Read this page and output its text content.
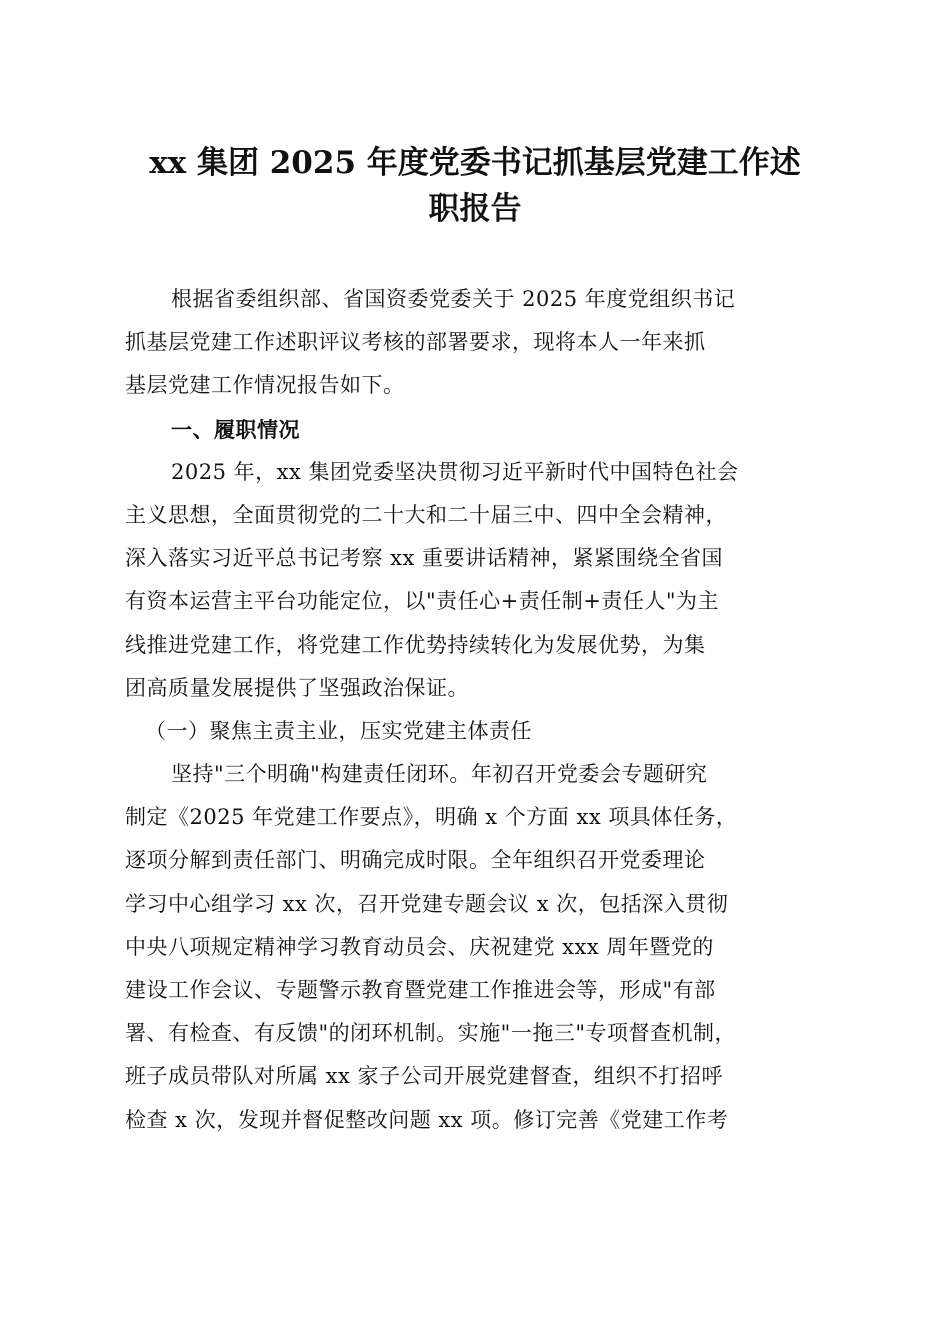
xx 集团 2025 年度党委书记抓基层党建工作述
职报告
根据省委组织部、省国资委党委关于 2025 年度党组织书记
抓基层党建工作述职评议考核的部署要求，现将本人一年来抓
基层党建工作情况报告如下。
一、履职情况
2025 年，xx 集团党委坚决贯彻习近平新时代中国特色社会
主义思想，全面贯彻党的二十大和二十届三中、四中全会精神，
深入落实习近平总书记考察 xx 重要讲话精神，紧紧围绕全省国
有资本运营主平台功能定位，以"责任心+责任制+责任人"为主
线推进党建工作，将党建工作优势持续转化为发展优势，为集
团高质量发展提供了坚强政治保证。
（一）聚焦主责主业，压实党建主体责任
坚持"三个明确"构建责任闭环。年初召开党委会专题研究
制定《2025 年党建工作要点》，明确 x 个方面 xx 项具体任务，
逐项分解到责任部门、明确完成时限。全年组织召开党委理论
学习中心组学习 xx 次，召开党建专题会议 x 次，包括深入贯彻
中央八项规定精神学习教育动员会、庆祝建党 xxx 周年暨党的
建设工作会议、专题警示教育暨党建工作推进会等，形成"有部
署、有检查、有反馈"的闭环机制。实施"一拖三"专项督查机制，
班子成员带队对所属 xx 家子公司开展党建督查，组织不打招呼
检查 x 次，发现并督促整改问题 xx 项。修订完善《党建工作考
